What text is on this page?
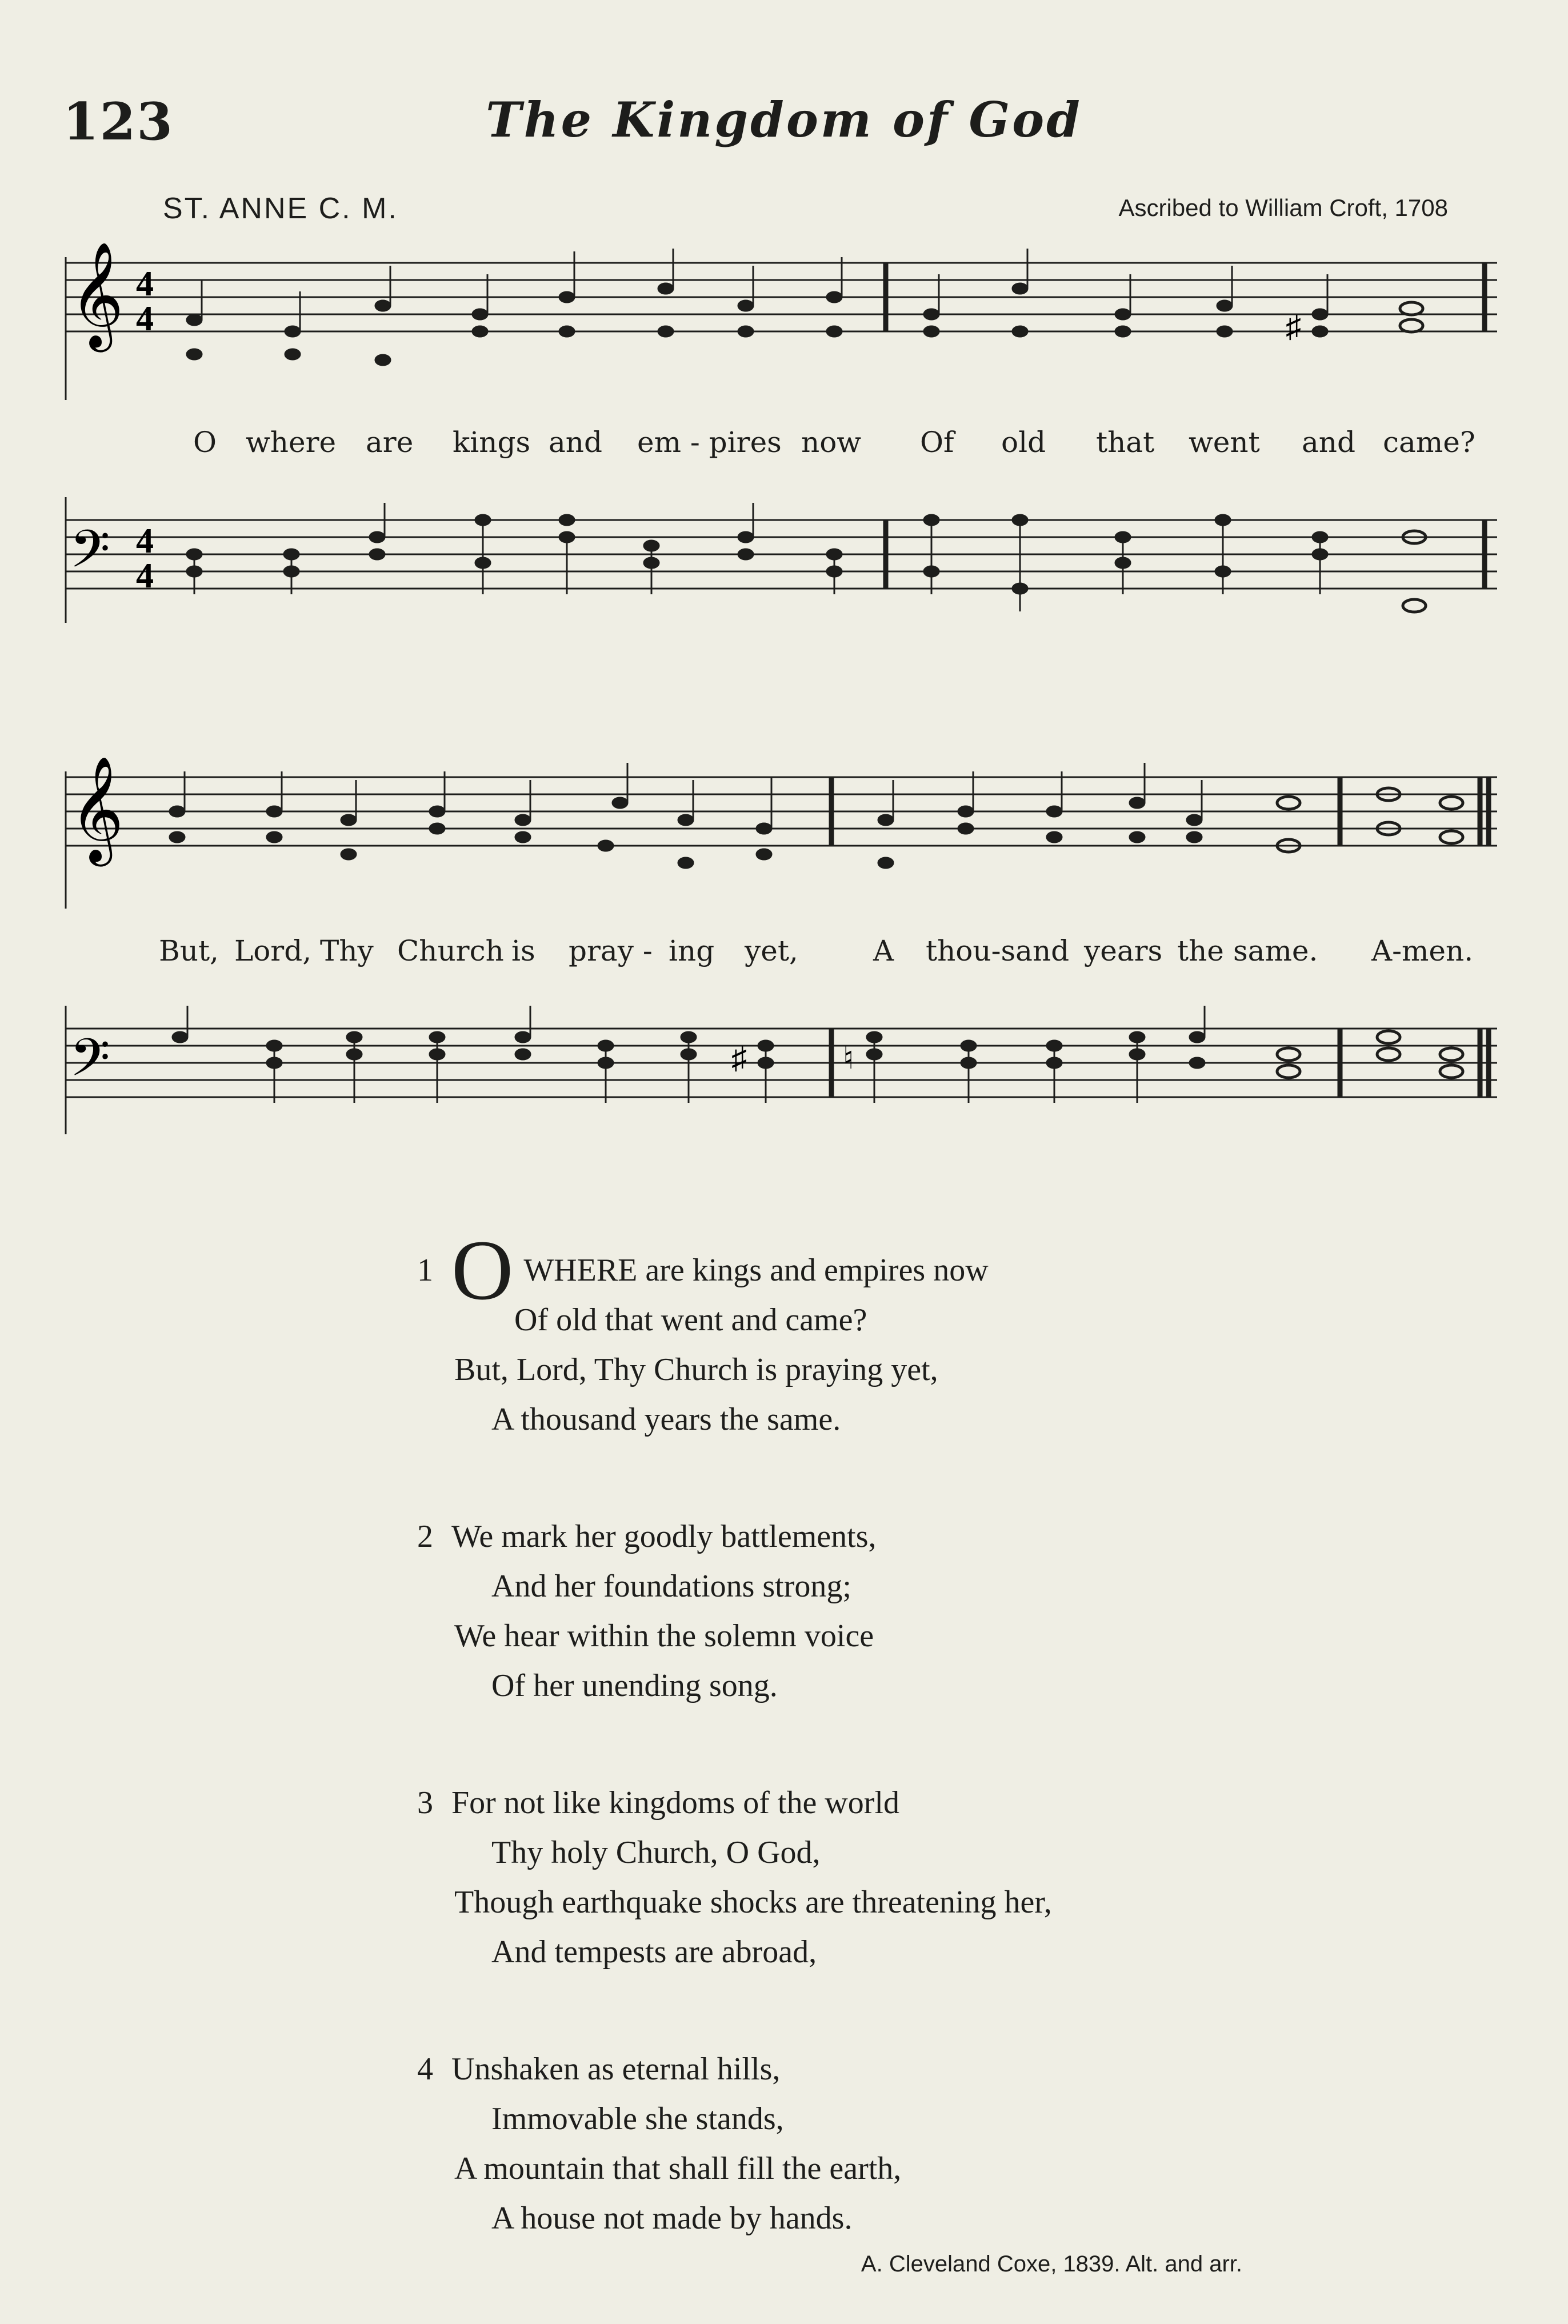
123	The Kingdom of God
ST. ANNE C. M.	Ascribed to William Croft, 1708
𝄞 4
4	♯
O where are kings and em - pires now Of old that went and came?
𝄢 4
4
𝄞
But, Lord, Thy Church is pray - ing yet,	A thou-sand years the same. A-men.
𝄢	♯	♮
1 O WHERE are kings and empires now
Of old that went and came?
But, Lord, Thy Church is praying yet,
A thousand years the same.
2 We mark her goodly battlements,
And her foundations strong;
We hear within the solemn voice
Of her unending song.
3 For not like kingdoms of the world
Thy holy Church, O God,
Though earthquake shocks are threatening her,
And tempests are abroad,
4 Unshaken as eternal hills,
Immovable she stands,
A mountain that shall fill the earth,
A house not made by hands.
A. Cleveland Coxe, 1839. Alt. and arr.
